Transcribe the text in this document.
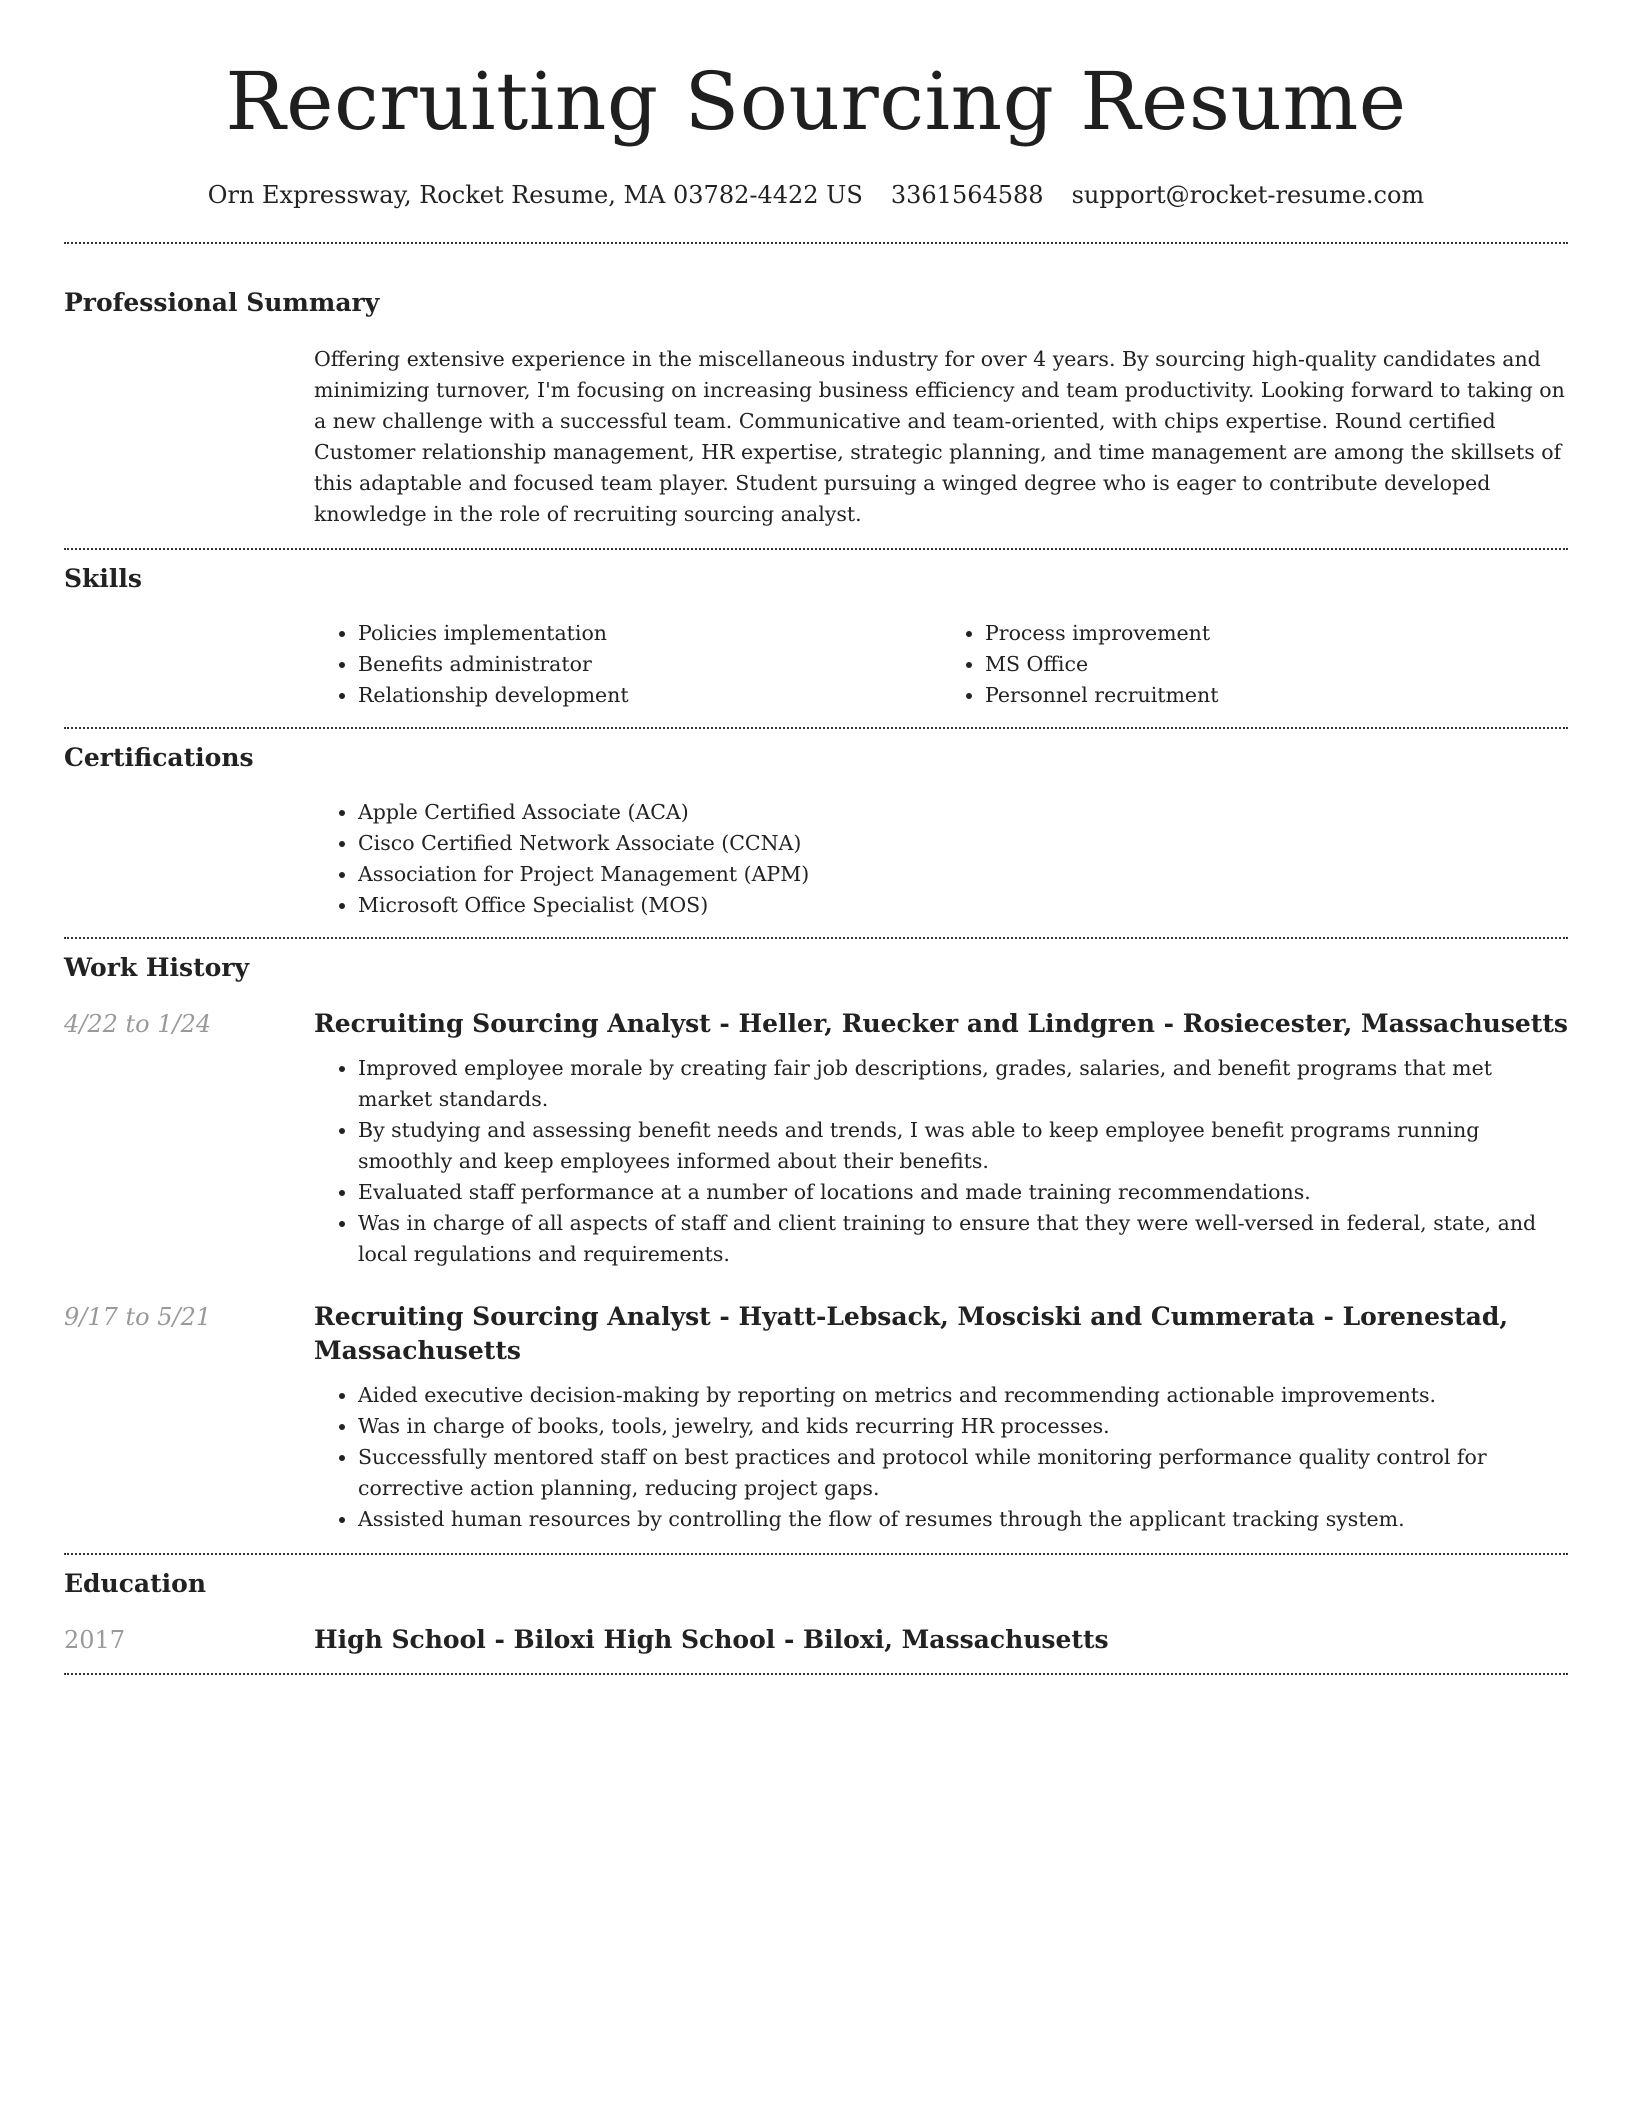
Recruiting Sourcing Resume
Orn Expressway, Rocket Resume, MA 03782-4422 US 3361564588 support@rocket-resume.com
Professional Summary

Offering extensive experience in the miscellaneous industry for over 4 years. By sourcing high-quality candidates and minimizing turnover, I'm focusing on increasing business efficiency and team productivity. Looking forward to taking on a new challenge with a successful team. Communicative and team-oriented, with chips expertise. Round certified Customer relationship management, HR expertise, strategic planning, and time management are among the skillsets of this adaptable and focused team player. Student pursuing a winged degree who is eager to contribute developed knowledge in the role of recruiting sourcing analyst.

Skills
• Policies implementation
• Benefits administrator
• Relationship development
• Process improvement
• MS Office
• Personnel recruitment
Certifications
• Apple Certified Associate (ACA)
• Cisco Certified Network Associate (CCNA)
• Association for Project Management (APM)
• Microsoft Office Specialist (MOS)
Work History
4/22 to 1/24	Recruiting Sourcing Analyst - Heller, Ruecker and Lindgren - Rosiecester, Massachusetts
• Improved employee morale by creating fair job descriptions, grades, salaries, and benefit programs that met market standards.
• By studying and assessing benefit needs and trends, I was able to keep employee benefit programs running smoothly and keep employees informed about their benefits.
• Evaluated staff performance at a number of locations and made training recommendations.
• Was in charge of all aspects of staff and client training to ensure that they were well-versed in federal, state, and local regulations and requirements.
9/17 to 5/21	Recruiting Sourcing Analyst - Hyatt-Lebsack, Mosciski and Cummerata - Lorenestad, Massachusetts
• Aided executive decision-making by reporting on metrics and recommending actionable improvements.
• Was in charge of books, tools, jewelry, and kids recurring HR processes.
• Successfully mentored staff on best practices and protocol while monitoring performance quality control for corrective action planning, reducing project gaps.
• Assisted human resources by controlling the flow of resumes through the applicant tracking system.
Education
2017	High School - Biloxi High School - Biloxi, Massachusetts
